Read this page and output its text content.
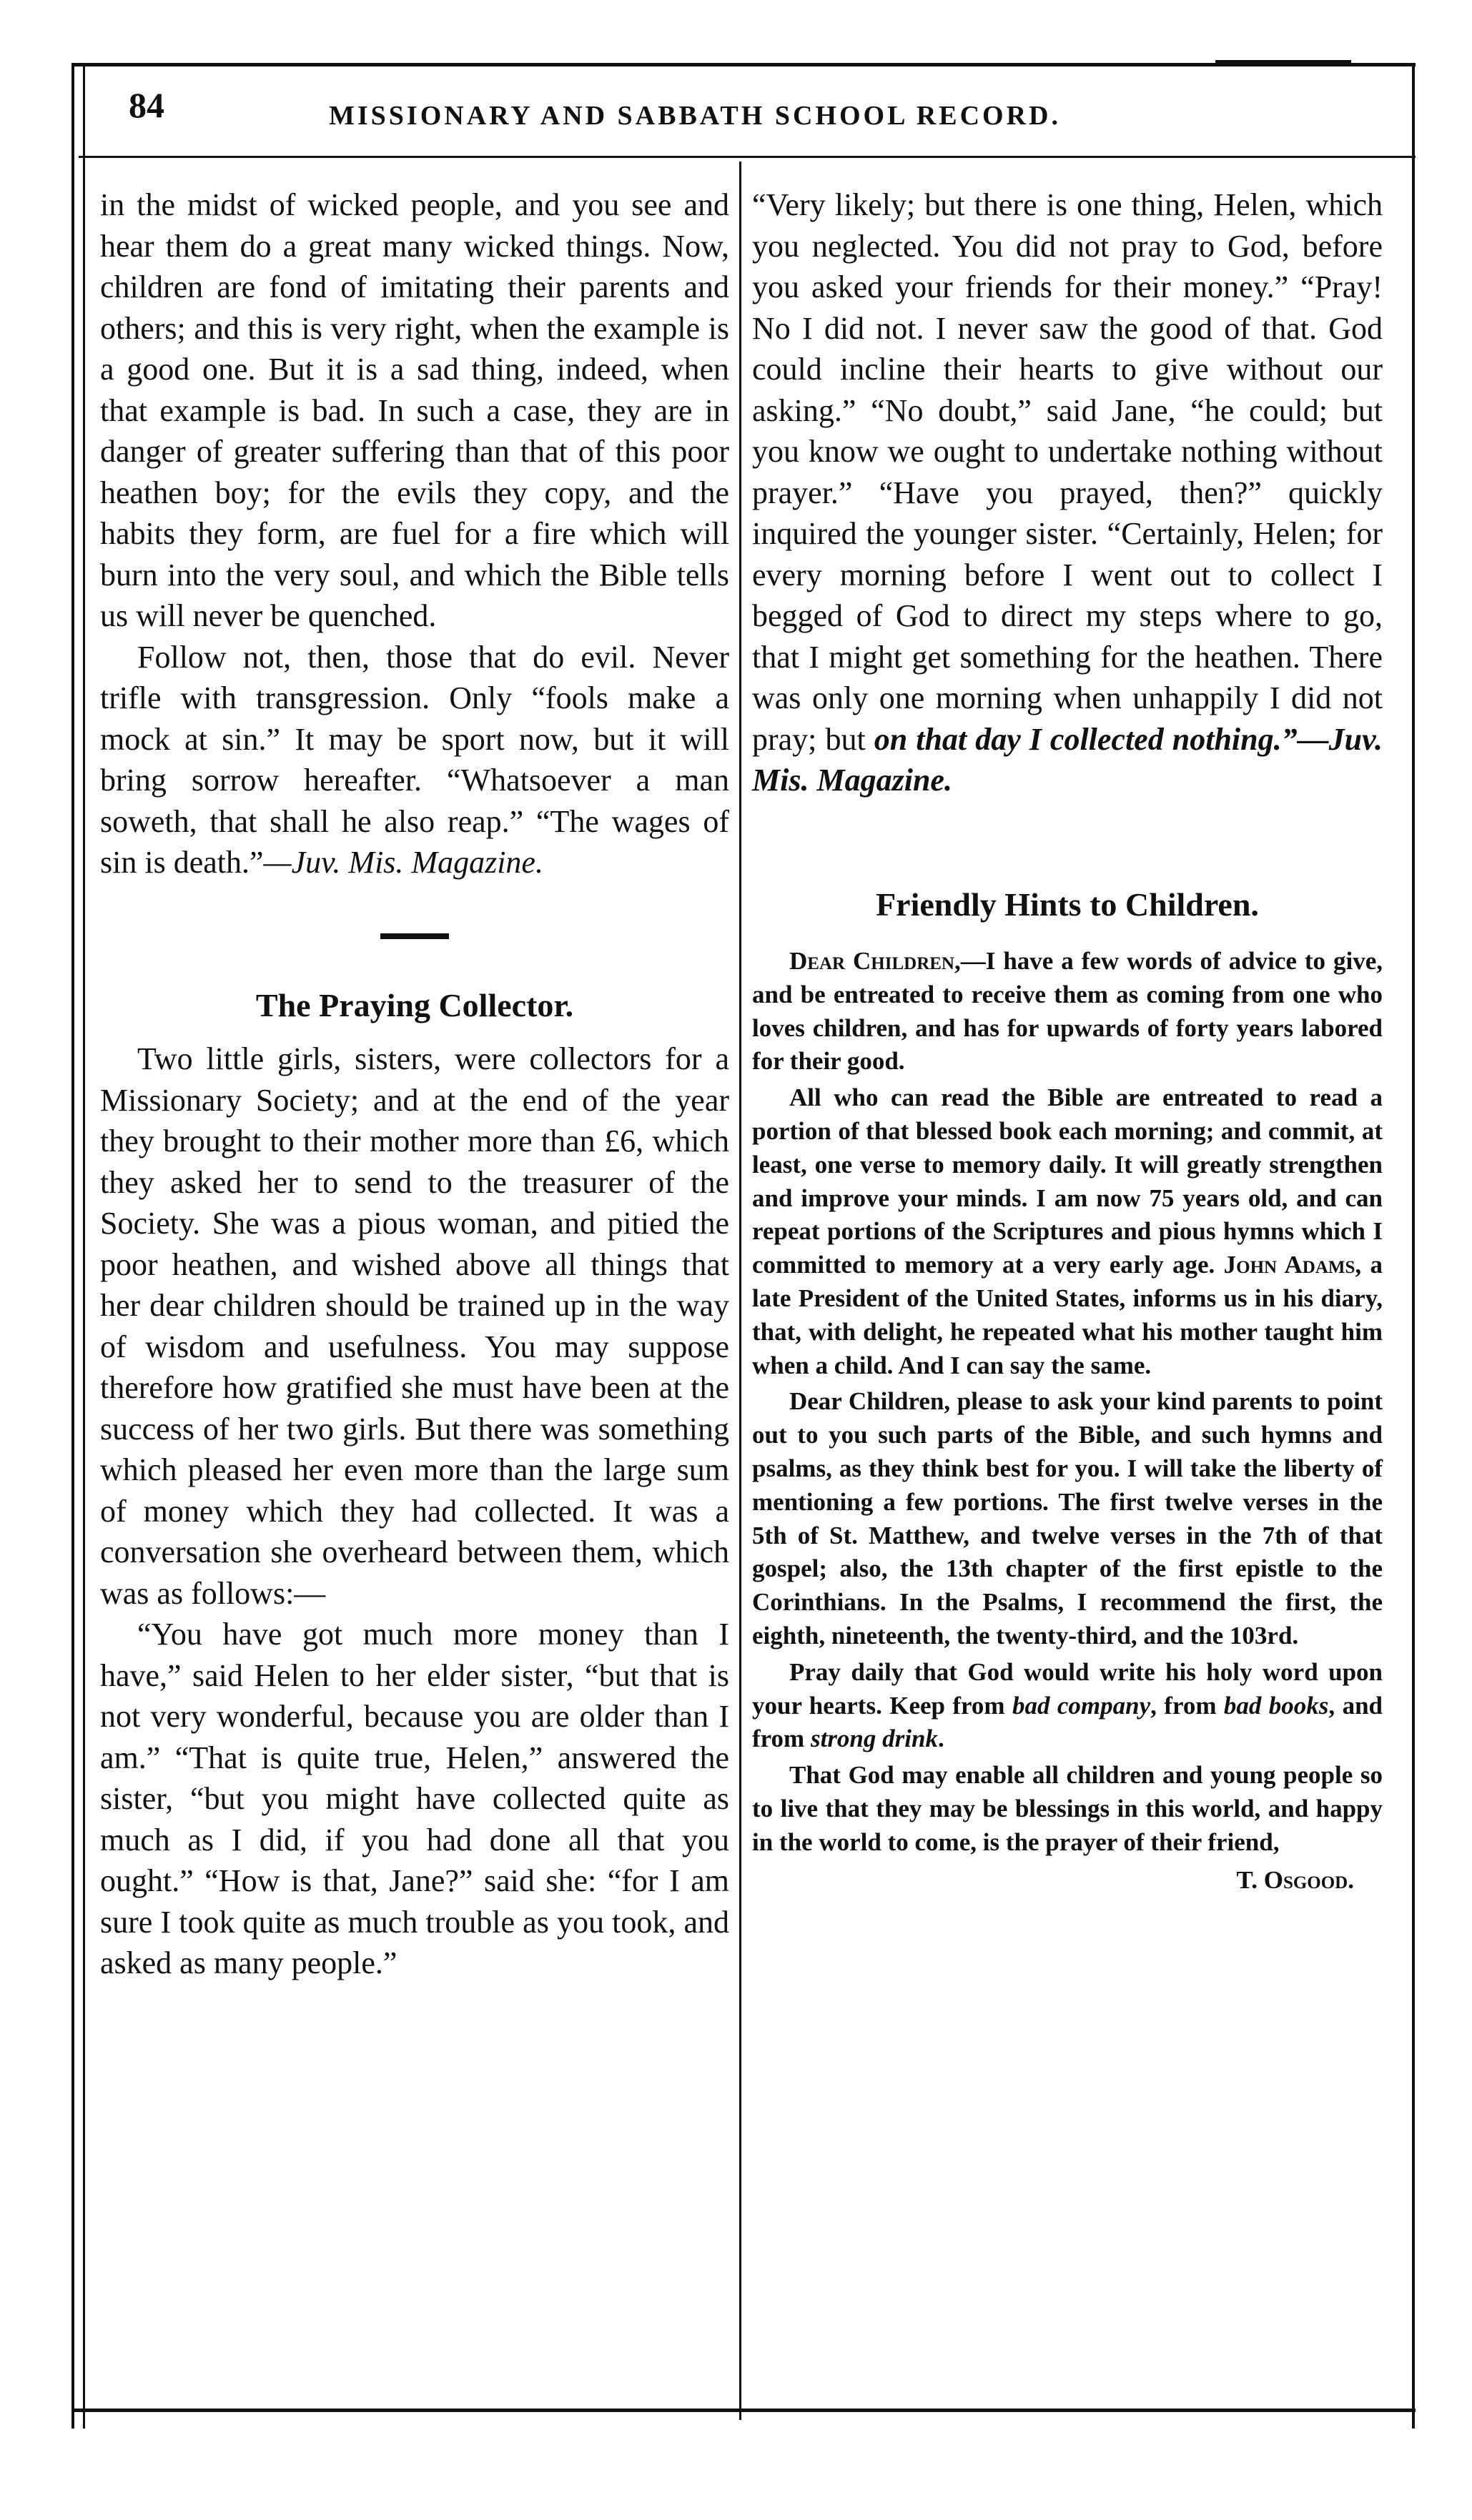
84	MISSIONARY AND SABBATH SCHOOL RECORD.

in the midst of wicked people, and you see and hear them do a great many wicked things. Now, children are fond of imitating their parents and others; and this is very right, when the example is a good one. But it is a sad thing, indeed, when that example is bad. In such a case, they are in danger of greater suffering than that of this poor heathen boy; for the evils they copy, and the habits they form, are fuel for a fire which will burn into the very soul, and which the Bible tells us will never be quenched.

Follow not, then, those that do evil. Never trifle with transgression. Only “fools make a mock at sin.” It may be sport now, but it will bring sorrow hereafter. “Whatsoever a man soweth, that shall he also reap.” “The wages of sin is death.”—Juv. Mis. Magazine.

The Praying Collector.

Two little girls, sisters, were collectors for a Missionary Society; and at the end of the year they brought to their mother more than £6, which they asked her to send to the treasurer of the Society. She was a pious woman, and pitied the poor heathen, and wished above all things that her dear children should be trained up in the way of wisdom and usefulness. You may suppose therefore how gratified she must have been at the success of her two girls. But there was something which pleased her even more than the large sum of money which they had collected. It was a conversation she overheard between them, which was as follows:—

“You have got much more money than I have,” said Helen to her elder sister, “but that is not very wonderful, because you are older than I am.” “That is quite true, Helen,” answered the sister, “but you might have collected quite as much as I did, if you had done all that you ought.” “How is that, Jane?” said she: “for I am sure I took quite as much trouble as you took, and asked as many people.”

“Very likely; but there is one thing, Helen, which you neglected. You did not pray to God, before you asked your friends for their money.” “Pray! No I did not. I never saw the good of that. God could incline their hearts to give without our asking.” “No doubt,” said Jane, “he could; but you know we ought to undertake nothing without prayer.” “Have you prayed, then?” quickly inquired the younger sister. “Certainly, Helen; for every morning before I went out to collect I begged of God to direct my steps where to go, that I might get something for the heathen. There was only one morning when unhappily I did not pray; but on that day I collected nothing.”—Juv. Mis. Magazine.

Friendly Hints to Children.

Dear Children,—I have a few words of advice to give, and be entreated to receive them as coming from one who loves children, and has for upwards of forty years labored for their good.

All who can read the Bible are entreated to read a portion of that blessed book each morning; and commit, at least, one verse to memory daily. It will greatly strengthen and improve your minds. I am now 75 years old, and can repeat portions of the Scriptures and pious hymns which I committed to memory at a very early age. John Adams, a late President of the United States, informs us in his diary, that, with delight, he repeated what his mother taught him when a child. And I can say the same.

Dear Children, please to ask your kind parents to point out to you such parts of the Bible, and such hymns and psalms, as they think best for you. I will take the liberty of mentioning a few portions. The first twelve verses in the 5th of St. Matthew, and twelve verses in the 7th of that gospel; also, the 13th chapter of the first epistle to the Corinthians. In the Psalms, I recommend the first, the eighth, nineteenth, the twenty-third, and the 103rd.

Pray daily that God would write his holy word upon your hearts. Keep from bad company, from bad books, and from strong drink.

That God may enable all children and young people so to live that they may be blessings in this world, and happy in the world to come, is the prayer of their friend,

T. Osgood.
